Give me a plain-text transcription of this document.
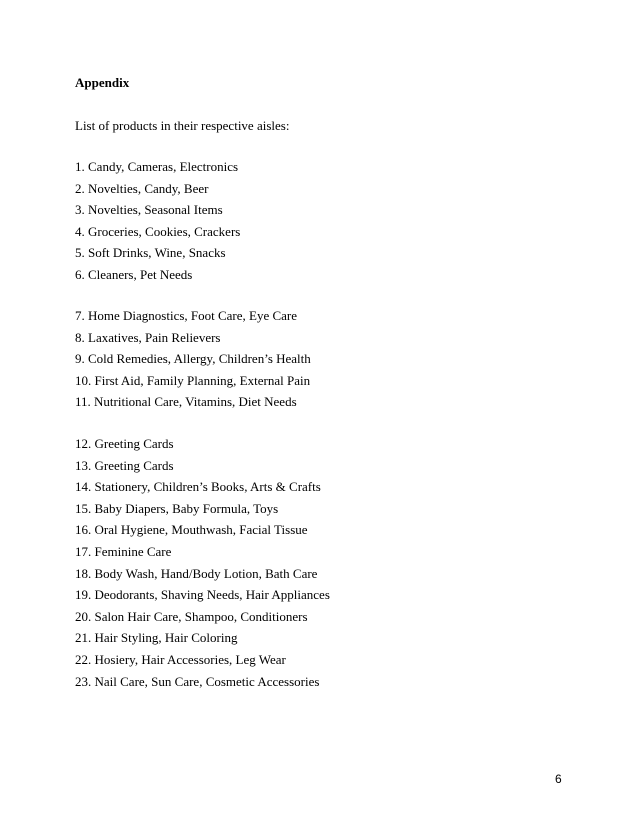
Appendix
List of products in their respective aisles:
1. Candy, Cameras, Electronics
2. Novelties, Candy, Beer
3. Novelties, Seasonal Items
4. Groceries, Cookies, Crackers
5. Soft Drinks, Wine, Snacks
6. Cleaners, Pet Needs
7. Home Diagnostics, Foot Care, Eye Care
8. Laxatives, Pain Relievers
9. Cold Remedies, Allergy, Children’s Health
10. First Aid, Family Planning, External Pain
11. Nutritional Care, Vitamins, Diet Needs
12. Greeting Cards
13. Greeting Cards
14. Stationery, Children’s Books, Arts & Crafts
15. Baby Diapers, Baby Formula, Toys
16. Oral Hygiene, Mouthwash, Facial Tissue
17. Feminine Care
18. Body Wash, Hand/Body Lotion, Bath Care
19. Deodorants, Shaving Needs, Hair Appliances
20. Salon Hair Care, Shampoo, Conditioners
21. Hair Styling, Hair Coloring
22. Hosiery, Hair Accessories, Leg Wear
23. Nail Care, Sun Care, Cosmetic Accessories
6
